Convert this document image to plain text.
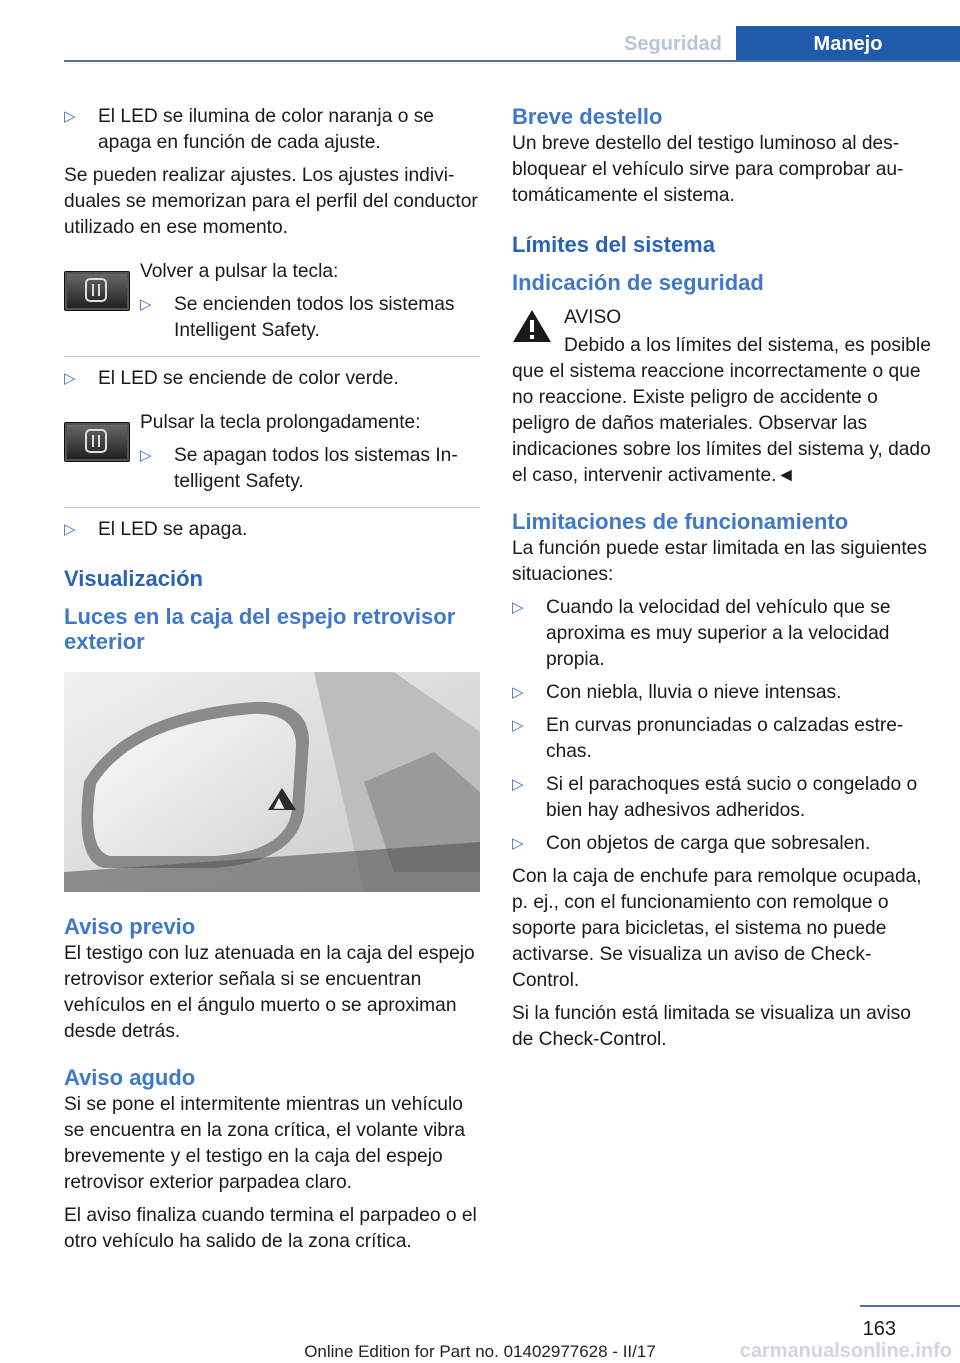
Seguridad	Manejo
▷ El LED se ilumina de color naranja o se apaga en función de cada ajuste.

Se pueden realizar ajustes. Los ajustes individuales se memorizan para el perfil del conductor utilizado en ese momento.

Volver a pulsar la tecla:

▷ Se encienden todos los sistemas Intelligent Safety.
▷ El LED se enciende de color verde.

Pulsar la tecla prolongadamente:

▷ Se apagan todos los sistemas Intelligent Safety.
▷ El LED se apaga.
Visualización
Luces en la caja del espejo retrovisor exterior
▲
Aviso previo

El testigo con luz atenuada en la caja del espejo retrovisor exterior señala si se encuentran vehículos en el ángulo muerto o se aproximan desde detrás.

Aviso agudo

Si se pone el intermitente mientras un vehículo se encuentra en la zona crítica, el volante vibra brevemente y el testigo en la caja del espejo retrovisor exterior parpadea claro.

El aviso finaliza cuando termina el parpadeo o el otro vehículo ha salido de la zona crítica.

Breve destello

Un breve destello del testigo luminoso al desbloquear el vehículo sirve para comprobar automáticamente el sistema.

Límites del sistema
Indicación de seguridad

AVISO

Debido a los límites del sistema, es posible que el sistema reaccione incorrectamente o que no reaccione. Existe peligro de accidente o peligro de daños materiales. Observar las indicaciones sobre los límites del sistema y, dado el caso, intervenir activamente.◄

Limitaciones de funcionamiento

La función puede estar limitada en las siguientes situaciones:

▷ Cuando la velocidad del vehículo que se aproxima es muy superior a la velocidad propia.
▷ Con niebla, lluvia o nieve intensas.
▷ En curvas pronunciadas o calzadas estrechas.
▷ Si el parachoques está sucio o congelado o bien hay adhesivos adheridos.
▷ Con objetos de carga que sobresalen.

Con la caja de enchufe para remolque ocupada, p. ej., con el funcionamiento con remolque o soporte para bicicletas, el sistema no puede activarse. Se visualiza un aviso de Check-Control.

Si la función está limitada se visualiza un aviso de Check-Control.

163
Online Edition for Part no. 01402977628 - II/17	carmanualsonline.info
